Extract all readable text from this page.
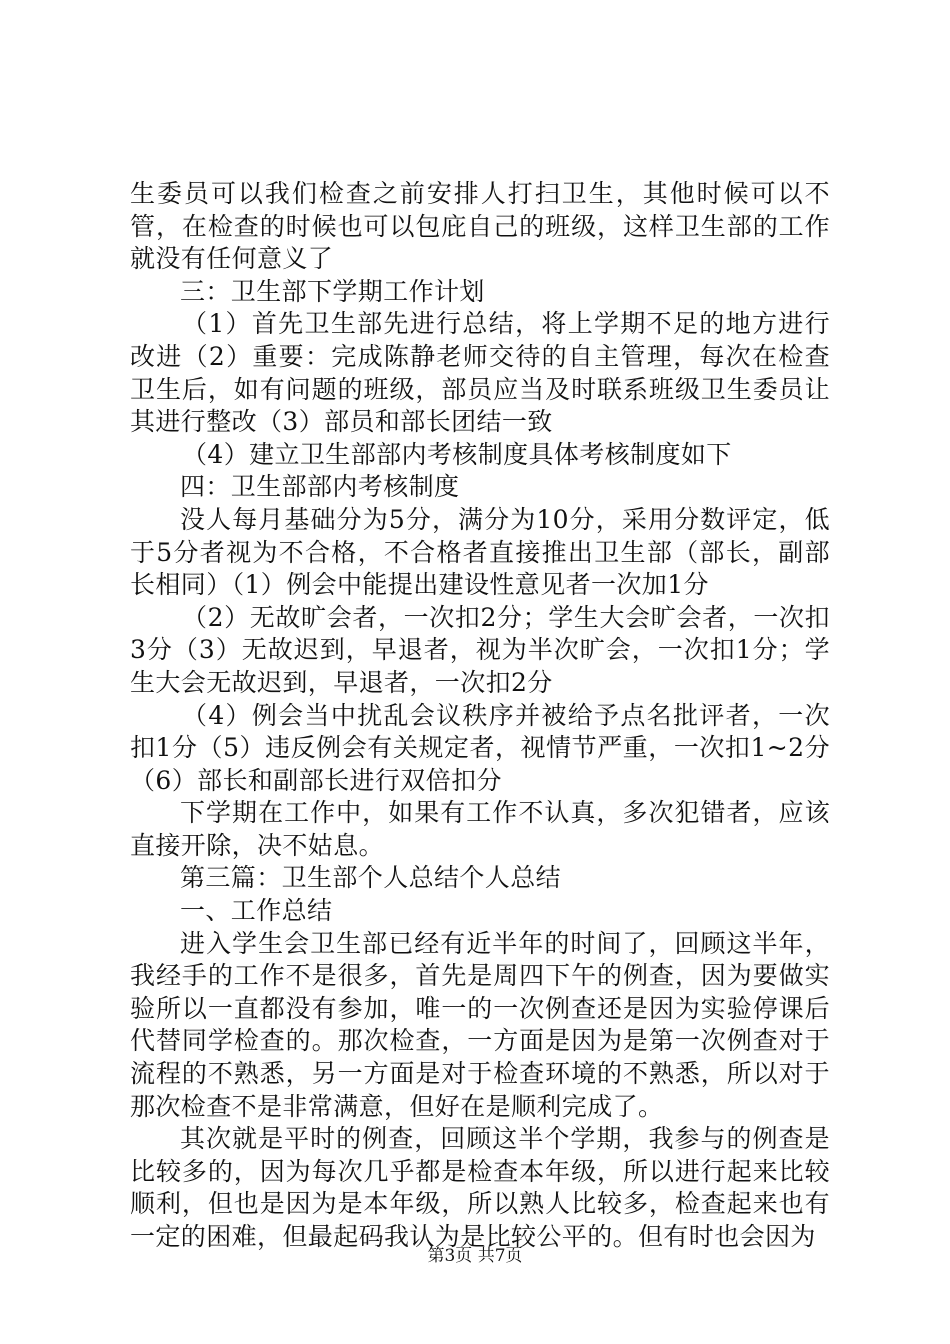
生委员可以我们检查之前安排人打扫卫生，其他时候可以不管，在检查的时候也可以包庇自己的班级，这样卫生部的工作就没有任何意义了

三：卫生部下学期工作计划

（1）首先卫生部先进行总结，将上学期不足的地方进行改进（2）重要：完成陈静老师交待的自主管理，每次在检查卫生后，如有问题的班级，部员应当及时联系班级卫生委员让其进行整改（3）部员和部长团结一致

（4）建立卫生部部内考核制度具体考核制度如下

四：卫生部部内考核制度

没人每月基础分为5分，满分为10分，采用分数评定，低于5分者视为不合格，不合格者直接推出卫生部（部长，副部长相同）（1）例会中能提出建设性意见者一次加1分

（2）无故旷会者，一次扣2分；学生大会旷会者，一次扣3分（3）无故迟到，早退者，视为半次旷会，一次扣1分；学生大会无故迟到，早退者，一次扣2分

（4）例会当中扰乱会议秩序并被给予点名批评者，一次扣1分（5）违反例会有关规定者，视情节严重，一次扣1~2分（6）部长和副部长进行双倍扣分

下学期在工作中，如果有工作不认真，多次犯错者，应该直接开除，决不姑息。

第三篇：卫生部个人总结个人总结

一、工作总结

进入学生会卫生部已经有近半年的时间了，回顾这半年，我经手的工作不是很多，首先是周四下午的例查，因为要做实验所以一直都没有参加，唯一的一次例查还是因为实验停课后代替同学检查的。那次检查，一方面是因为是第一次例查对于流程的不熟悉，另一方面是对于检查环境的不熟悉，所以对于那次检查不是非常满意，但好在是顺利完成了。

其次就是平时的例查，回顾这半个学期，我参与的例查是比较多的，因为每次几乎都是检查本年级，所以进行起来比较顺利，但也是因为是本年级，所以熟人比较多，检查起来也有一定的困难，但最起码我认为是比较公平的。但有时也会因为

第3页 共7页
